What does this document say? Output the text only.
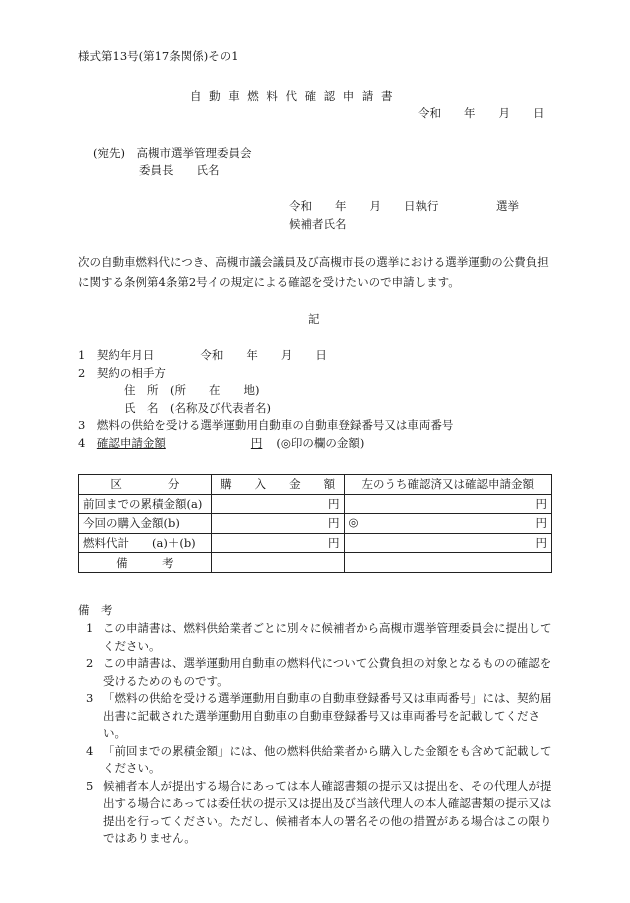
様式第13号(第17条関係)その1
自動車燃料代確認申請書
令和　　年　　月　　日
(宛先)　高槻市選挙管理委員会
委員長　　氏名
令和　　年　　月　　日執行　　　　　選挙
候補者氏名
次の自動車燃料代につき、高槻市議会議員及び高槻市長の選挙における選挙運動の公費負担に関する条例第4条第2号イの規定による確認を受けたいので申請します。
記
1　契約年月日　　　　令和　　年　　月　　日
2　契約の相手方
　　　　住　所　(所　　在　　地)
　　　　氏　名　(名称及び代表者名)
3　燃料の供給を受ける選挙運動用自動車の自動車登録番号又は車両番号
4　確認申請金額	円 (◎印の欄の金額)
区　　　　分	購　　入　　金　　額	左のうち確認済又は確認申請金額
前回までの累積金額(a)	円	円
今回の購入金額(b)	円	◎ 円

燃料代計　　(a)＋(b)	円	円
備　　　考		
備　考
1 この申請書は、燃料供給業者ごとに別々に候補者から高槻市選挙管理委員会に提出してください。
2 この申請書は、選挙運動用自動車の燃料代について公費負担の対象となるものの確認を受けるためのものです。
3 「燃料の供給を受ける選挙運動用自動車の自動車登録番号又は車両番号」には、契約届出書に記載された選挙運動用自動車の自動車登録番号又は車両番号を記載してください。
4 「前回までの累積金額」には、他の燃料供給業者から購入した金額をも含めて記載してください。
5 候補者本人が提出する場合にあっては本人確認書類の提示又は提出を、その代理人が提出する場合にあっては委任状の提示又は提出及び当該代理人の本人確認書類の提示又は提出を行ってください。ただし、候補者本人の署名その他の措置がある場合はこの限りではありません。
